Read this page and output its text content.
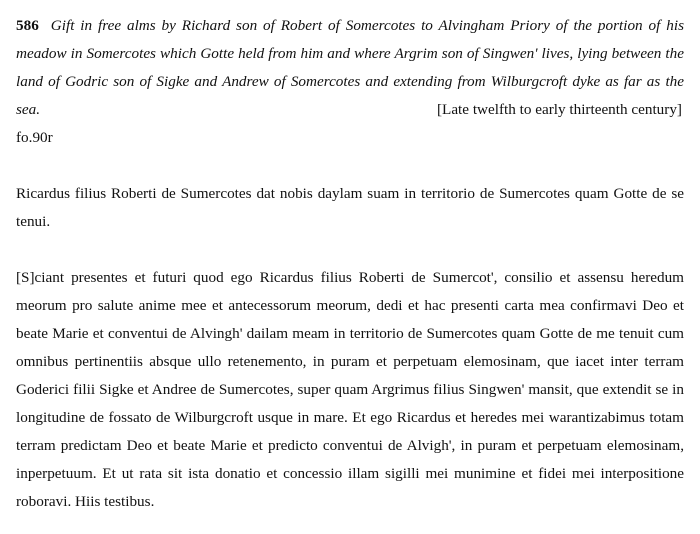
586 Gift in free alms by Richard son of Robert of Somercotes to Alvingham Priory of the portion of his meadow in Somercotes which Gotte held from him and where Argrim son of Singwen' lives, lying between the land of Godric son of Sigke and Andrew of Somercotes and extending from Wilburgcroft dyke as far as the sea.	[Late twelfth to early thirteenth century]
fo.90r
Ricardus filius Roberti de Sumercotes dat nobis daylam suam in territorio de Sumercotes quam Gotte de se tenui.
[S]ciant presentes et futuri quod ego Ricardus filius Roberti de Sumercot', consilio et assensu heredum meorum pro salute anime mee et antecessorum meorum, dedi et hac presenti carta mea confirmavi Deo et beate Marie et conventui de Alvingh' dailam meam in territorio de Sumercotes quam Gotte de me tenuit cum omnibus pertinentiis absque ullo retenemento, in puram et perpetuam elemosinam, que iacet inter terram Goderici filii Sigke et Andree de Sumercotes, super quam Argrimus filius Singwen' mansit, que extendit se in longitudine de fossato de Wilburgcroft usque in mare. Et ego Ricardus et heredes mei warantizabimus totam terram predictam Deo et beate Marie et predicto conventui de Alvigh', in puram et perpetuam elemosinam, inperpetuum. Et ut rata sit ista donatio et concessio illam sigilli mei munimine et fidei mei interpositione roboravi. Hiis testibus.
